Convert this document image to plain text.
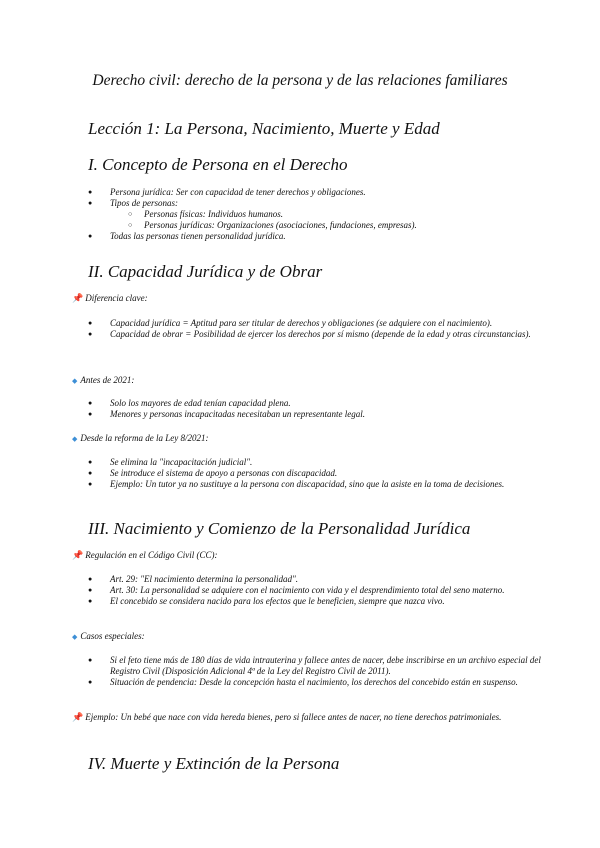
Derecho civil: derecho de la persona y de las relaciones familiares
Lección 1: La Persona, Nacimiento, Muerte y Edad
I. Concepto de Persona en el Derecho
● Persona jurídica: Ser con capacidad de tener derechos y obligaciones.
● Tipos de personas:
○ Personas físicas: Individuos humanos.
○ Personas jurídicas: Organizaciones (asociaciones, fundaciones, empresas).
● Todas las personas tienen personalidad jurídica.
II. Capacidad Jurídica y de Obrar
📌 Diferencia clave:
● Capacidad jurídica = Aptitud para ser titular de derechos y obligaciones (se adquiere con el nacimiento).
● Capacidad de obrar = Posibilidad de ejercer los derechos por sí mismo (depende de la edad y otras circunstancias).
◆ Antes de 2021:
● Solo los mayores de edad tenían capacidad plena.
● Menores y personas incapacitadas necesitaban un representante legal.
◆ Desde la reforma de la Ley 8/2021:
● Se elimina la "incapacitación judicial".
● Se introduce el sistema de apoyo a personas con discapacidad.
● Ejemplo: Un tutor ya no sustituye a la persona con discapacidad, sino que la asiste en la toma de decisiones.
III. Nacimiento y Comienzo de la Personalidad Jurídica
📌 Regulación en el Código Civil (CC):
● Art. 29: "El nacimiento determina la personalidad".
● Art. 30: La personalidad se adquiere con el nacimiento con vida y el desprendimiento total del seno materno.
● El concebido se considera nacido para los efectos que le beneficien, siempre que nazca vivo.
◆ Casos especiales:
● Si el feto tiene más de 180 días de vida intrauterina y fallece antes de nacer, debe inscribirse en un archivo especial del Registro Civil (Disposición Adicional 4ª de la Ley del Registro Civil de 2011).
● Situación de pendencia: Desde la concepción hasta el nacimiento, los derechos del concebido están en suspenso.
📌 Ejemplo: Un bebé que nace con vida hereda bienes, pero si fallece antes de nacer, no tiene derechos patrimoniales.
IV. Muerte y Extinción de la Persona
